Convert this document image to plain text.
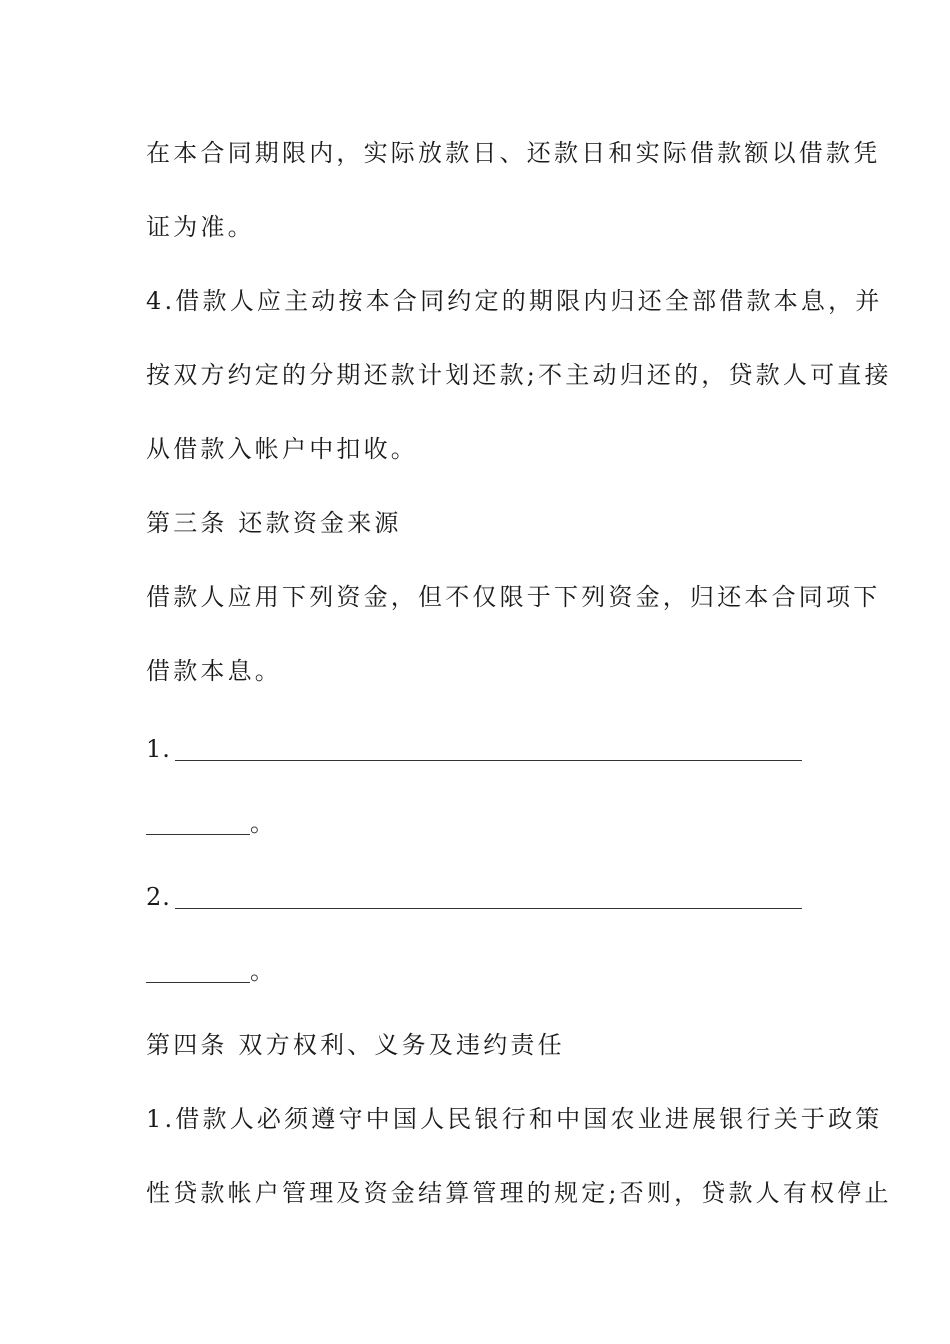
在本合同期限内，实际放款日、还款日和实际借款额以借款凭
证为准。
4.借款人应主动按本合同约定的期限内归还全部借款本息，并
按双方约定的分期还款计划还款;不主动归还的，贷款人可直接
从借款入帐户中扣收。
第三条 还款资金来源
借款人应用下列资金，但不仅限于下列资金，归还本合同项下
借款本息。
1.
。
2.
。
第四条 双方权利、义务及违约责任
1.借款人必须遵守中国人民银行和中国农业进展银行关于政策
性贷款帐户管理及资金结算管理的规定;否则，贷款人有权停止
